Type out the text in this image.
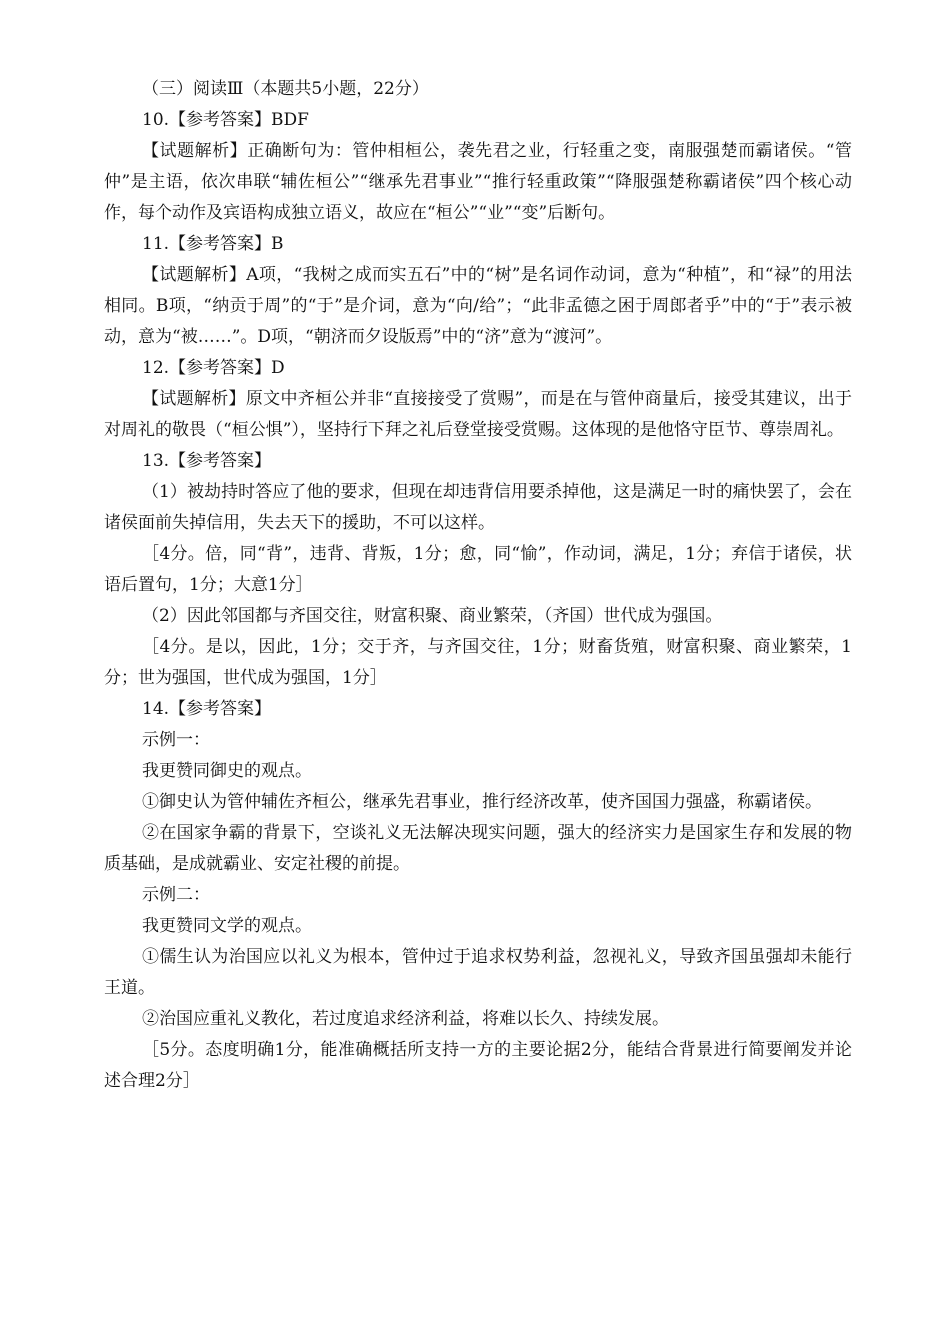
（三）阅读Ⅲ（本题共5小题，22分）

10.【参考答案】BDF

【试题解析】正确断句为：管仲相桓公，袭先君之业，行轻重之变，南服强楚而霸诸侯。“管仲”是主语，依次串联“辅佐桓公”“继承先君事业”“推行轻重政策”“降服强楚称霸诸侯”四个核心动作，每个动作及宾语构成独立语义，故应在“桓公”“业”“变”后断句。

11.【参考答案】B

【试题解析】A项，“我树之成而实五石”中的“树”是名词作动词，意为“种植”，和“禄”的用法相同。B项，“纳贡于周”的“于”是介词，意为“向/给”；“此非孟德之困于周郎者乎”中的“于”表示被动，意为“被……”。D项，“朝济而夕设版焉”中的“济”意为“渡河”。

12.【参考答案】D

【试题解析】原文中齐桓公并非“直接接受了赏赐”，而是在与管仲商量后，接受其建议，出于对周礼的敬畏（“桓公惧”），坚持行下拜之礼后登堂接受赏赐。这体现的是他恪守臣节、尊崇周礼。

13.【参考答案】

（1）被劫持时答应了他的要求，但现在却违背信用要杀掉他，这是满足一时的痛快罢了，会在诸侯面前失掉信用，失去天下的援助，不可以这样。

［4分。倍，同“背”，违背、背叛，1分；愈，同“愉”，作动词，满足，1分；弃信于诸侯，状语后置句，1分；大意1分］

（2）因此邻国都与齐国交往，财富积聚、商业繁荣，（齐国）世代成为强国。

［4分。是以，因此，1分；交于齐，与齐国交往，1分；财畜货殖，财富积聚、商业繁荣，1分；世为强国，世代成为强国，1分］

14.【参考答案】

示例一：

我更赞同御史的观点。

①御史认为管仲辅佐齐桓公，继承先君事业，推行经济改革，使齐国国力强盛，称霸诸侯。

②在国家争霸的背景下，空谈礼义无法解决现实问题，强大的经济实力是国家生存和发展的物质基础，是成就霸业、安定社稷的前提。

示例二：

我更赞同文学的观点。

①儒生认为治国应以礼义为根本，管仲过于追求权势利益，忽视礼义，导致齐国虽强却未能行王道。

②治国应重礼义教化，若过度追求经济利益，将难以长久、持续发展。

［5分。态度明确1分，能准确概括所支持一方的主要论据2分，能结合背景进行简要阐发并论述合理2分］
